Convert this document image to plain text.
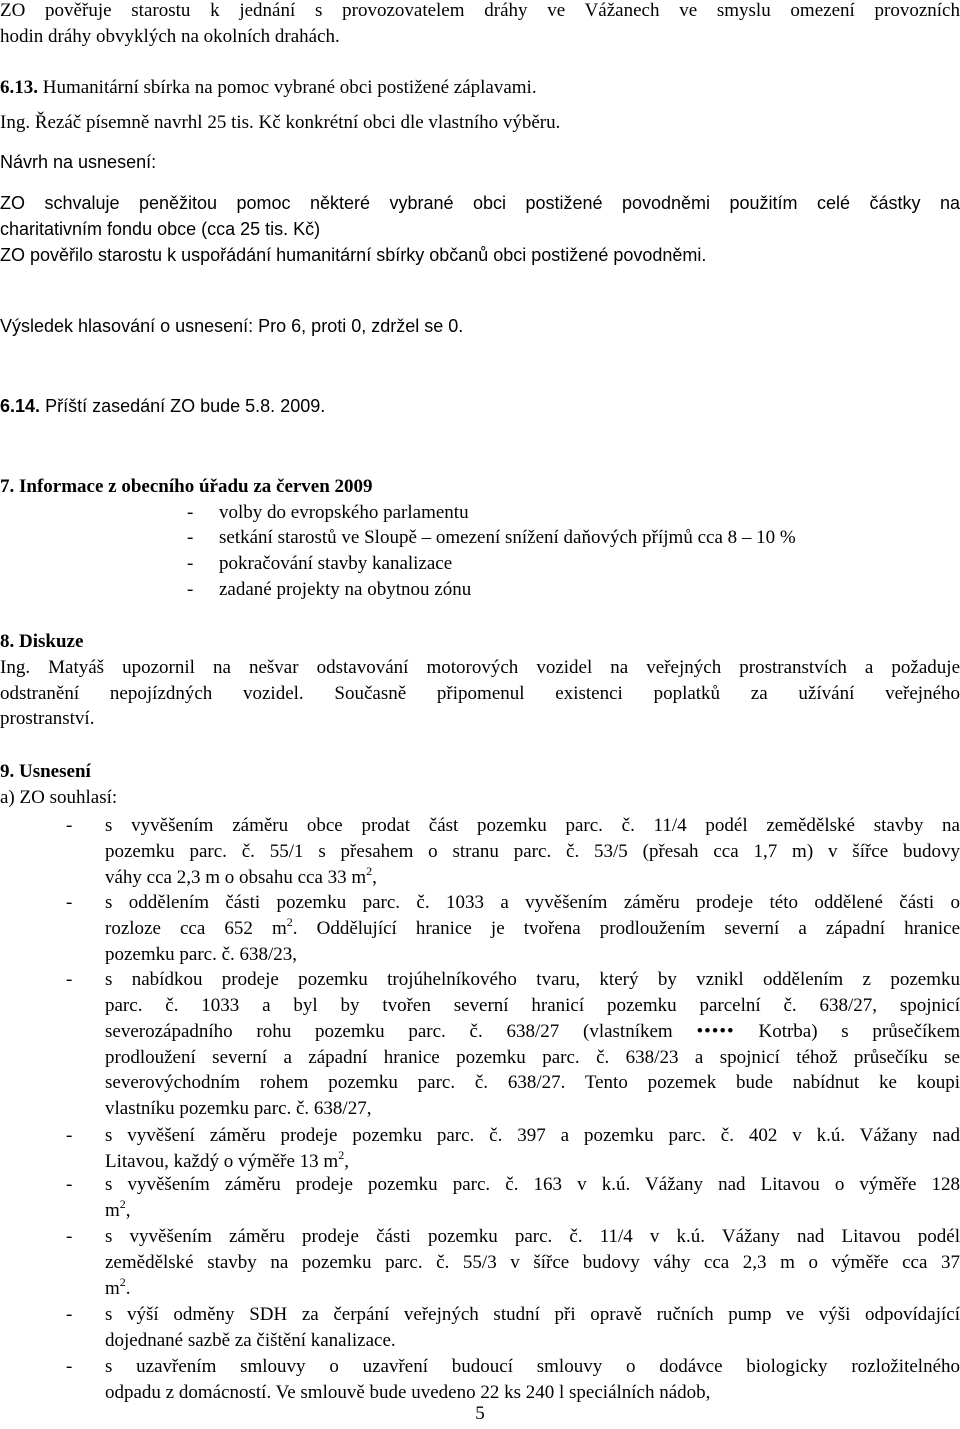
ZO pověřuje starostu k jednání s provozovatelem dráhy ve Vážanech ve smyslu omezení provozních
hodin dráhy obvyklých na okolních drahách.
6.13. Humanitární sbírka na pomoc vybrané obci postižené záplavami.
Ing. Řezáč písemně navrhl 25 tis. Kč konkrétní obci dle vlastního výběru.
Návrh na usnesení:
ZO schvaluje peněžitou pomoc některé vybrané obci postižené povodněmi použitím celé částky na
charitativním fondu obce (cca 25 tis. Kč)
ZO pověřilo starostu k uspořádání humanitární sbírky občanů obci postižené povodněmi.
Výsledek hlasování o usnesení: Pro 6, proti 0, zdržel se 0.
6.14. Příští zasedání ZO bude 5.8. 2009.
7. Informace z obecního úřadu za červen 2009
- volby do evropského parlamentu
- setkání starostů ve Sloupě – omezení snížení daňových příjmů cca 8 – 10 %
- pokračování stavby kanalizace
- zadané projekty na obytnou zónu
8. Diskuze
Ing. Matyáš upozornil na nešvar odstavování motorových vozidel na veřejných prostranstvích a požaduje
odstranění nepojízdných vozidel. Současně připomenul existenci poplatků za užívání veřejného
prostranství.
9. Usnesení
a) ZO souhlasí:
-	s vyvěšením záměru obce prodat část pozemku parc. č. 11/4 podél zemědělské stavby na
pozemku parc. č. 55/1 s přesahem o stranu parc. č. 53/5 (přesah cca 1,7 m) v šířce budovy
váhy cca 2,3 m o obsahu cca 33 $m^2$,
-	s oddělením části pozemku parc. č. 1033 a vyvěšením záměru prodeje této oddělené části o
rozloze cca 652 $m^2$. Oddělující hranice je tvořena prodloužením severní a západní hranice
pozemku parc. č. 638/23,
-	s nabídkou prodeje pozemku trojúhelníkového tvaru, který by vznikl oddělením z pozemku
parc. č. 1033 a byl by tvořen severní hranicí pozemku parcelní č. 638/27, spojnicí
severozápadního rohu pozemku parc. č. 638/27 (vlastníkem ••••• Kotrba) s průsečíkem
prodloužení severní a západní hranice pozemku parc. č. 638/23 a spojnicí téhož průsečíku se
severovýchodním rohem pozemku parc. č. 638/27. Tento pozemek bude nabídnut ke koupi
vlastníku pozemku parc. č. 638/27,
-	s vyvěšení záměru prodeje pozemku parc. č. 397 a pozemku parc. č. 402 v k.ú. Vážany nad
Litavou, každý o výměře 13 $m^2$,
-	s vyvěšením záměru prodeje pozemku parc. č. 163 v k.ú. Vážany nad Litavou o výměře 128
$m^2$,
-	s vyvěšením záměru prodeje části pozemku parc. č. 11/4 v k.ú. Vážany nad Litavou podél
zemědělské stavby na pozemku parc. č. 55/3 v šířce budovy váhy cca 2,3 m o výměře cca 37
$m^2$.
-	s výší odměny SDH za čerpání veřejných studní při opravě ručních pump ve výši odpovídající
dojednané sazbě za čištění kanalizace.
-	s uzavřením smlouvy o uzavření budoucí smlouvy o dodávce biologicky rozložitelného
odpadu z domácností. Ve smlouvě bude uvedeno 22 ks 240 l speciálních nádob,
5
